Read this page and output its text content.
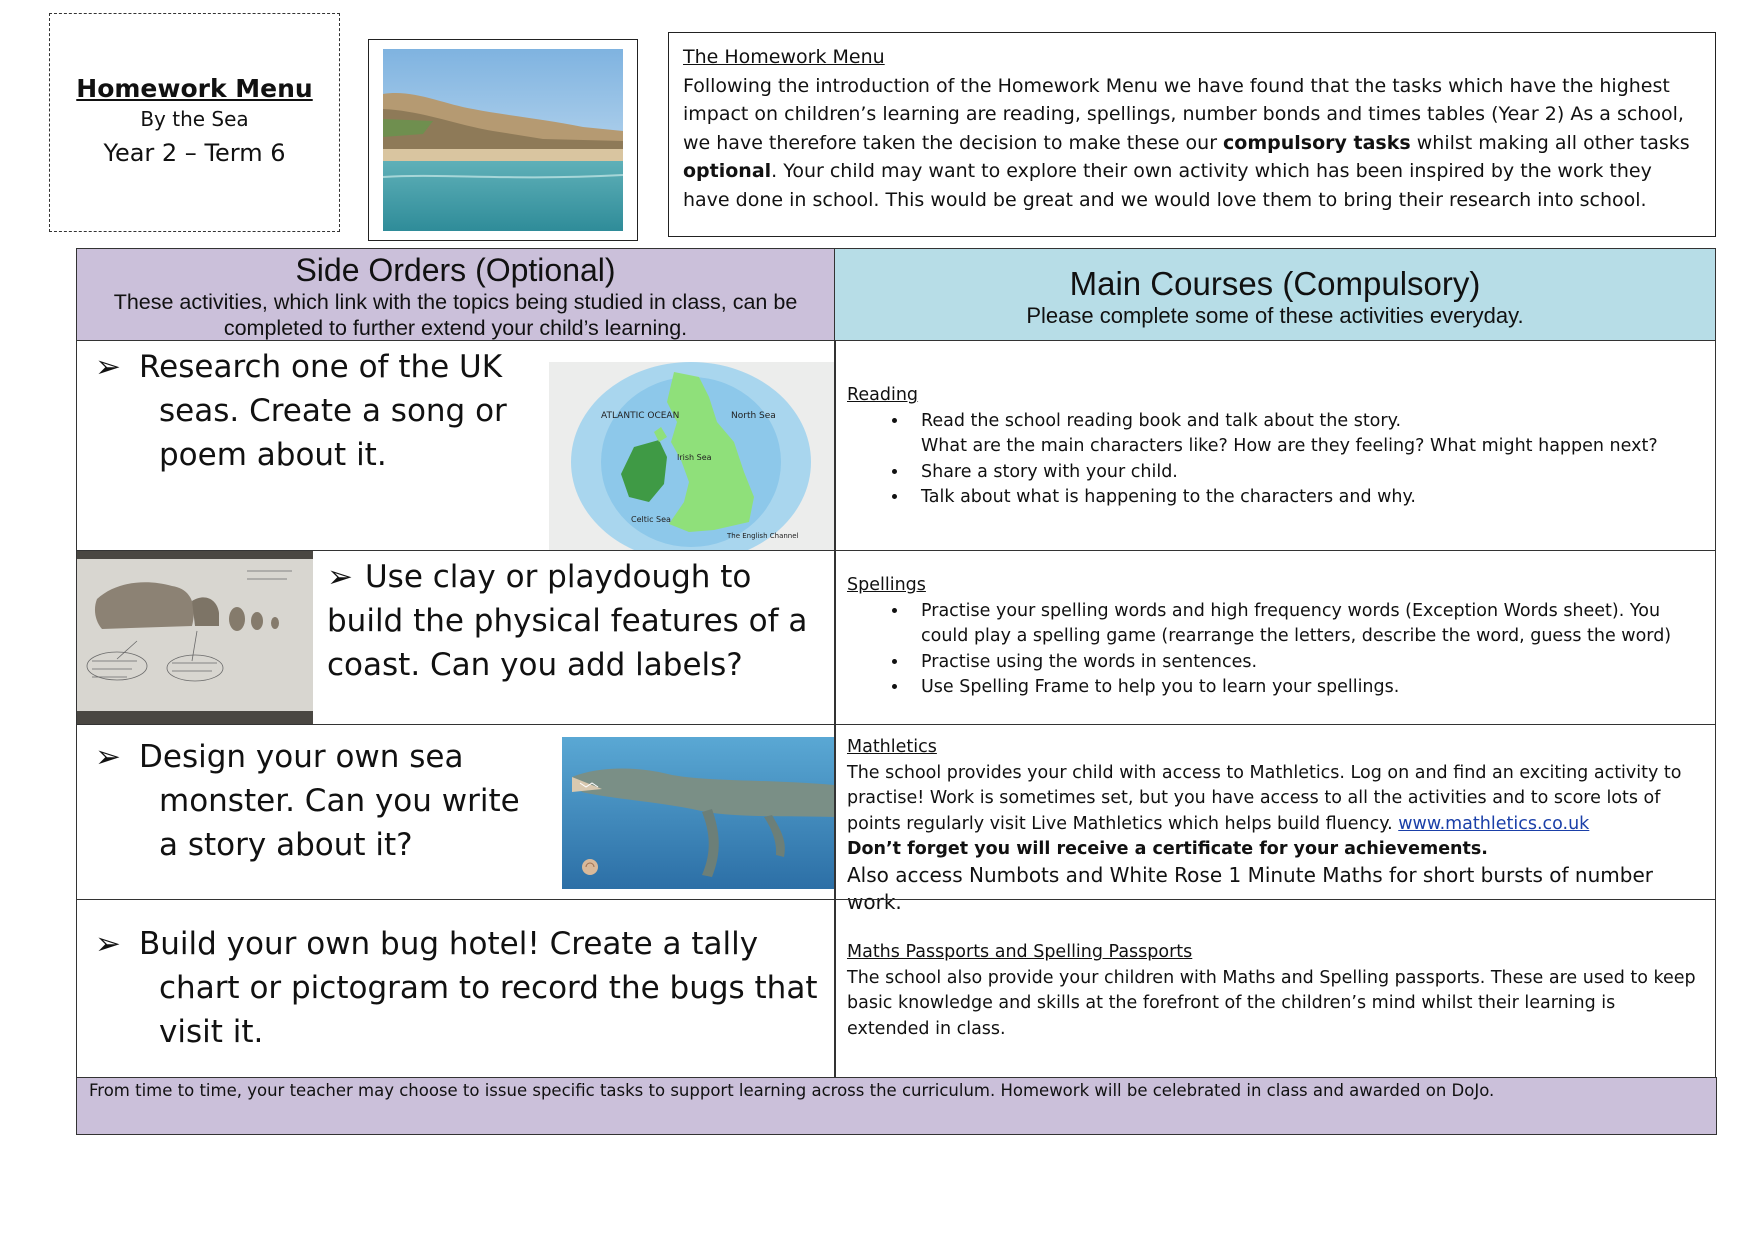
Homework Menu
By the Sea
Year 2 – Term 6
The Homework Menu
Following the introduction of the Homework Menu we have found that the tasks which have the highest impact on children’s learning are reading, spellings, number bonds and times tables (Year 2) As a school, we have therefore taken the decision to make these our compulsory tasks whilst making all other tasks optional. Your child may want to explore their own activity which has been inspired by the work they have done in school. This would be great and we would love them to bring their research into school.
Side Orders (Optional)
These activities, which link with the topics being studied in class, can be completed to further extend your child’s learning.
Main Courses (Compulsory)
Please complete some of these activities everyday.
➢ Research one of the UK seas. Create a song or poem about it.
ATLANTIC OCEAN	North Sea
Irish Sea
Celtic Sea
The English Channel
Reading
• Read the school reading book and talk about the story.
What are the main characters like? How are they feeling? What might happen next?
• Share a story with your child.
• Talk about what is happening to the characters and why.
➢ Use clay or playdough to build the physical features of a coast. Can you add labels?
Spellings
• Practise your spelling words and high frequency words (Exception Words sheet). You could play a spelling game (rearrange the letters, describe the word, guess the word)
• Practise using the words in sentences.
• Use Spelling Frame to help you to learn your spellings.
➢ Design your own sea monster. Can you write a story about it?
Mathletics
The school provides your child with access to Mathletics. Log on and find an exciting activity to practise! Work is sometimes set, but you have access to all the activities and to score lots of points regularly visit Live Mathletics which helps build fluency. www.mathletics.co.uk
Don’t forget you will receive a certificate for your achievements.
Also access Numbots and White Rose 1 Minute Maths for short bursts of number work.
➢ Build your own bug hotel! Create a tally chart or pictogram to record the bugs that visit it.
Maths Passports and Spelling Passports
The school also provide your children with Maths and Spelling passports. These are used to keep basic knowledge and skills at the forefront of the children’s mind whilst their learning is extended in class.
From time to time, your teacher may choose to issue specific tasks to support learning across the curriculum. Homework will be celebrated in class and awarded on DoJo.
